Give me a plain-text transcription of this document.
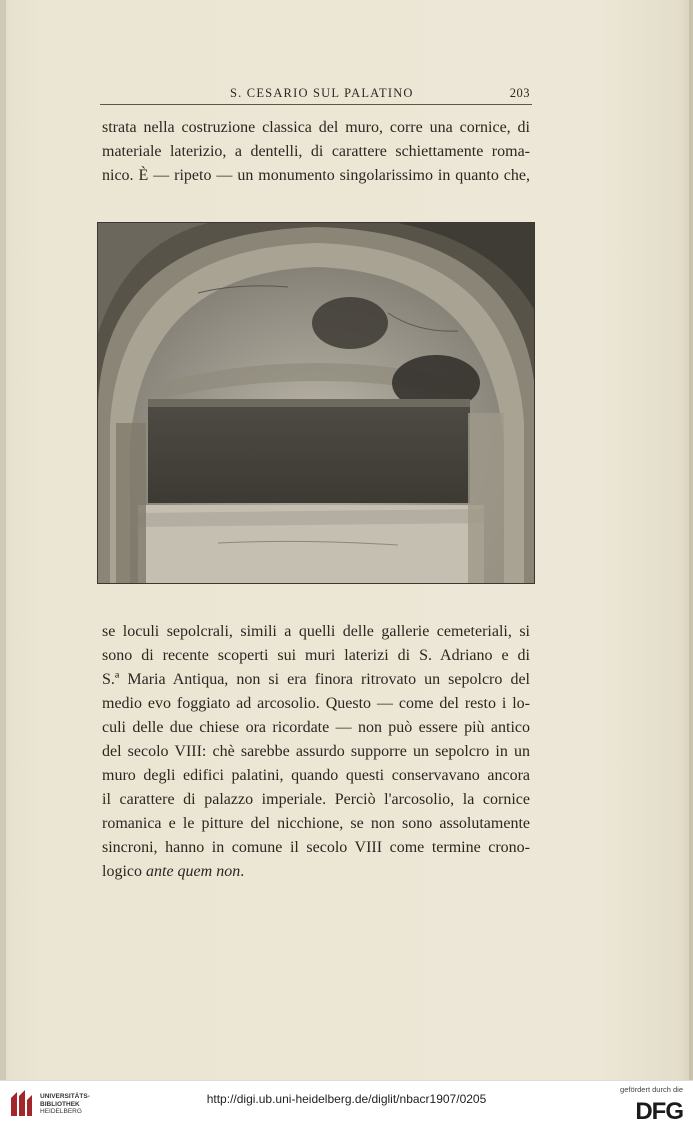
S. CESARIO SUL PALATINO	203
strata nella costruzione classica del muro, corre una cornice, di
materiale laterizio, a dentelli, di carattere schiettamente roma-
nico. È — ripeto — un monumento singolarissimo in quanto che,
se loculi sepolcrali, simili a quelli delle gallerie cemeteriali, si
sono di recente scoperti sui muri laterizi di S. Adriano e di
S.ª Maria Antiqua, non si era finora ritrovato un sepolcro del
medio evo foggiato ad arcosolio. Questo — come del resto i lo-
culi delle due chiese ora ricordate — non può essere più antico
del secolo VIII: chè sarebbe assurdo supporre un sepolcro in un
muro degli edifici palatini, quando questi conservavano ancora
il carattere di palazzo imperiale. Perciò l'arcosolio, la cornice
romanica e le pitture del nicchione, se non sono assolutamente
sincroni, hanno in comune il secolo VIII come termine crono-
logico ante quem non.
UNIVERSITÄTS-
BIBLIOTHEK
HEIDELBERG
http://digi.ub.uni-heidelberg.de/diglit/nbacr1907/0205
gefördert durch die
DFG
